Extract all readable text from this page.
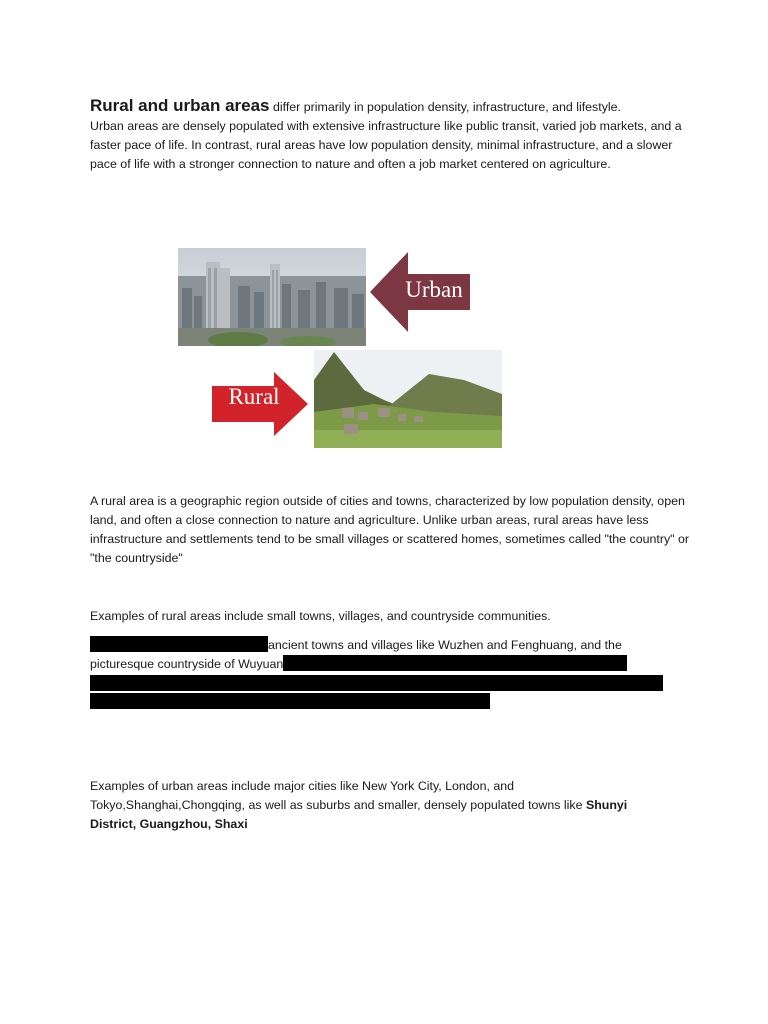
Rural and urban areas differ primarily in population density, infrastructure, and lifestyle.
Urban areas are densely populated with extensive infrastructure like public transit, varied job markets, and a faster pace of life. In contrast, rural areas have low population density, minimal infrastructure, and a slower pace of life with a stronger connection to nature and often a job market centered on agriculture.

Urban
Rural

A rural area is a geographic region outside of cities and towns, characterized by low population density, open land, and often a close connection to nature and agriculture. Unlike urban areas, rural areas have less infrastructure and settlements tend to be small villages or scattered homes, sometimes called "the country" or "the countryside"

Examples of rural areas include small towns, villages, and countryside communities.

ancient towns and villages like Wuzhen and Fenghuang, and the
picturesque countryside of Wuyuan

Examples of urban areas include major cities like New York City, London, and Tokyo,Shanghai,Chongqing, as well as suburbs and smaller, densely populated towns like Shunyi District, Guangzhou, Shaxi
